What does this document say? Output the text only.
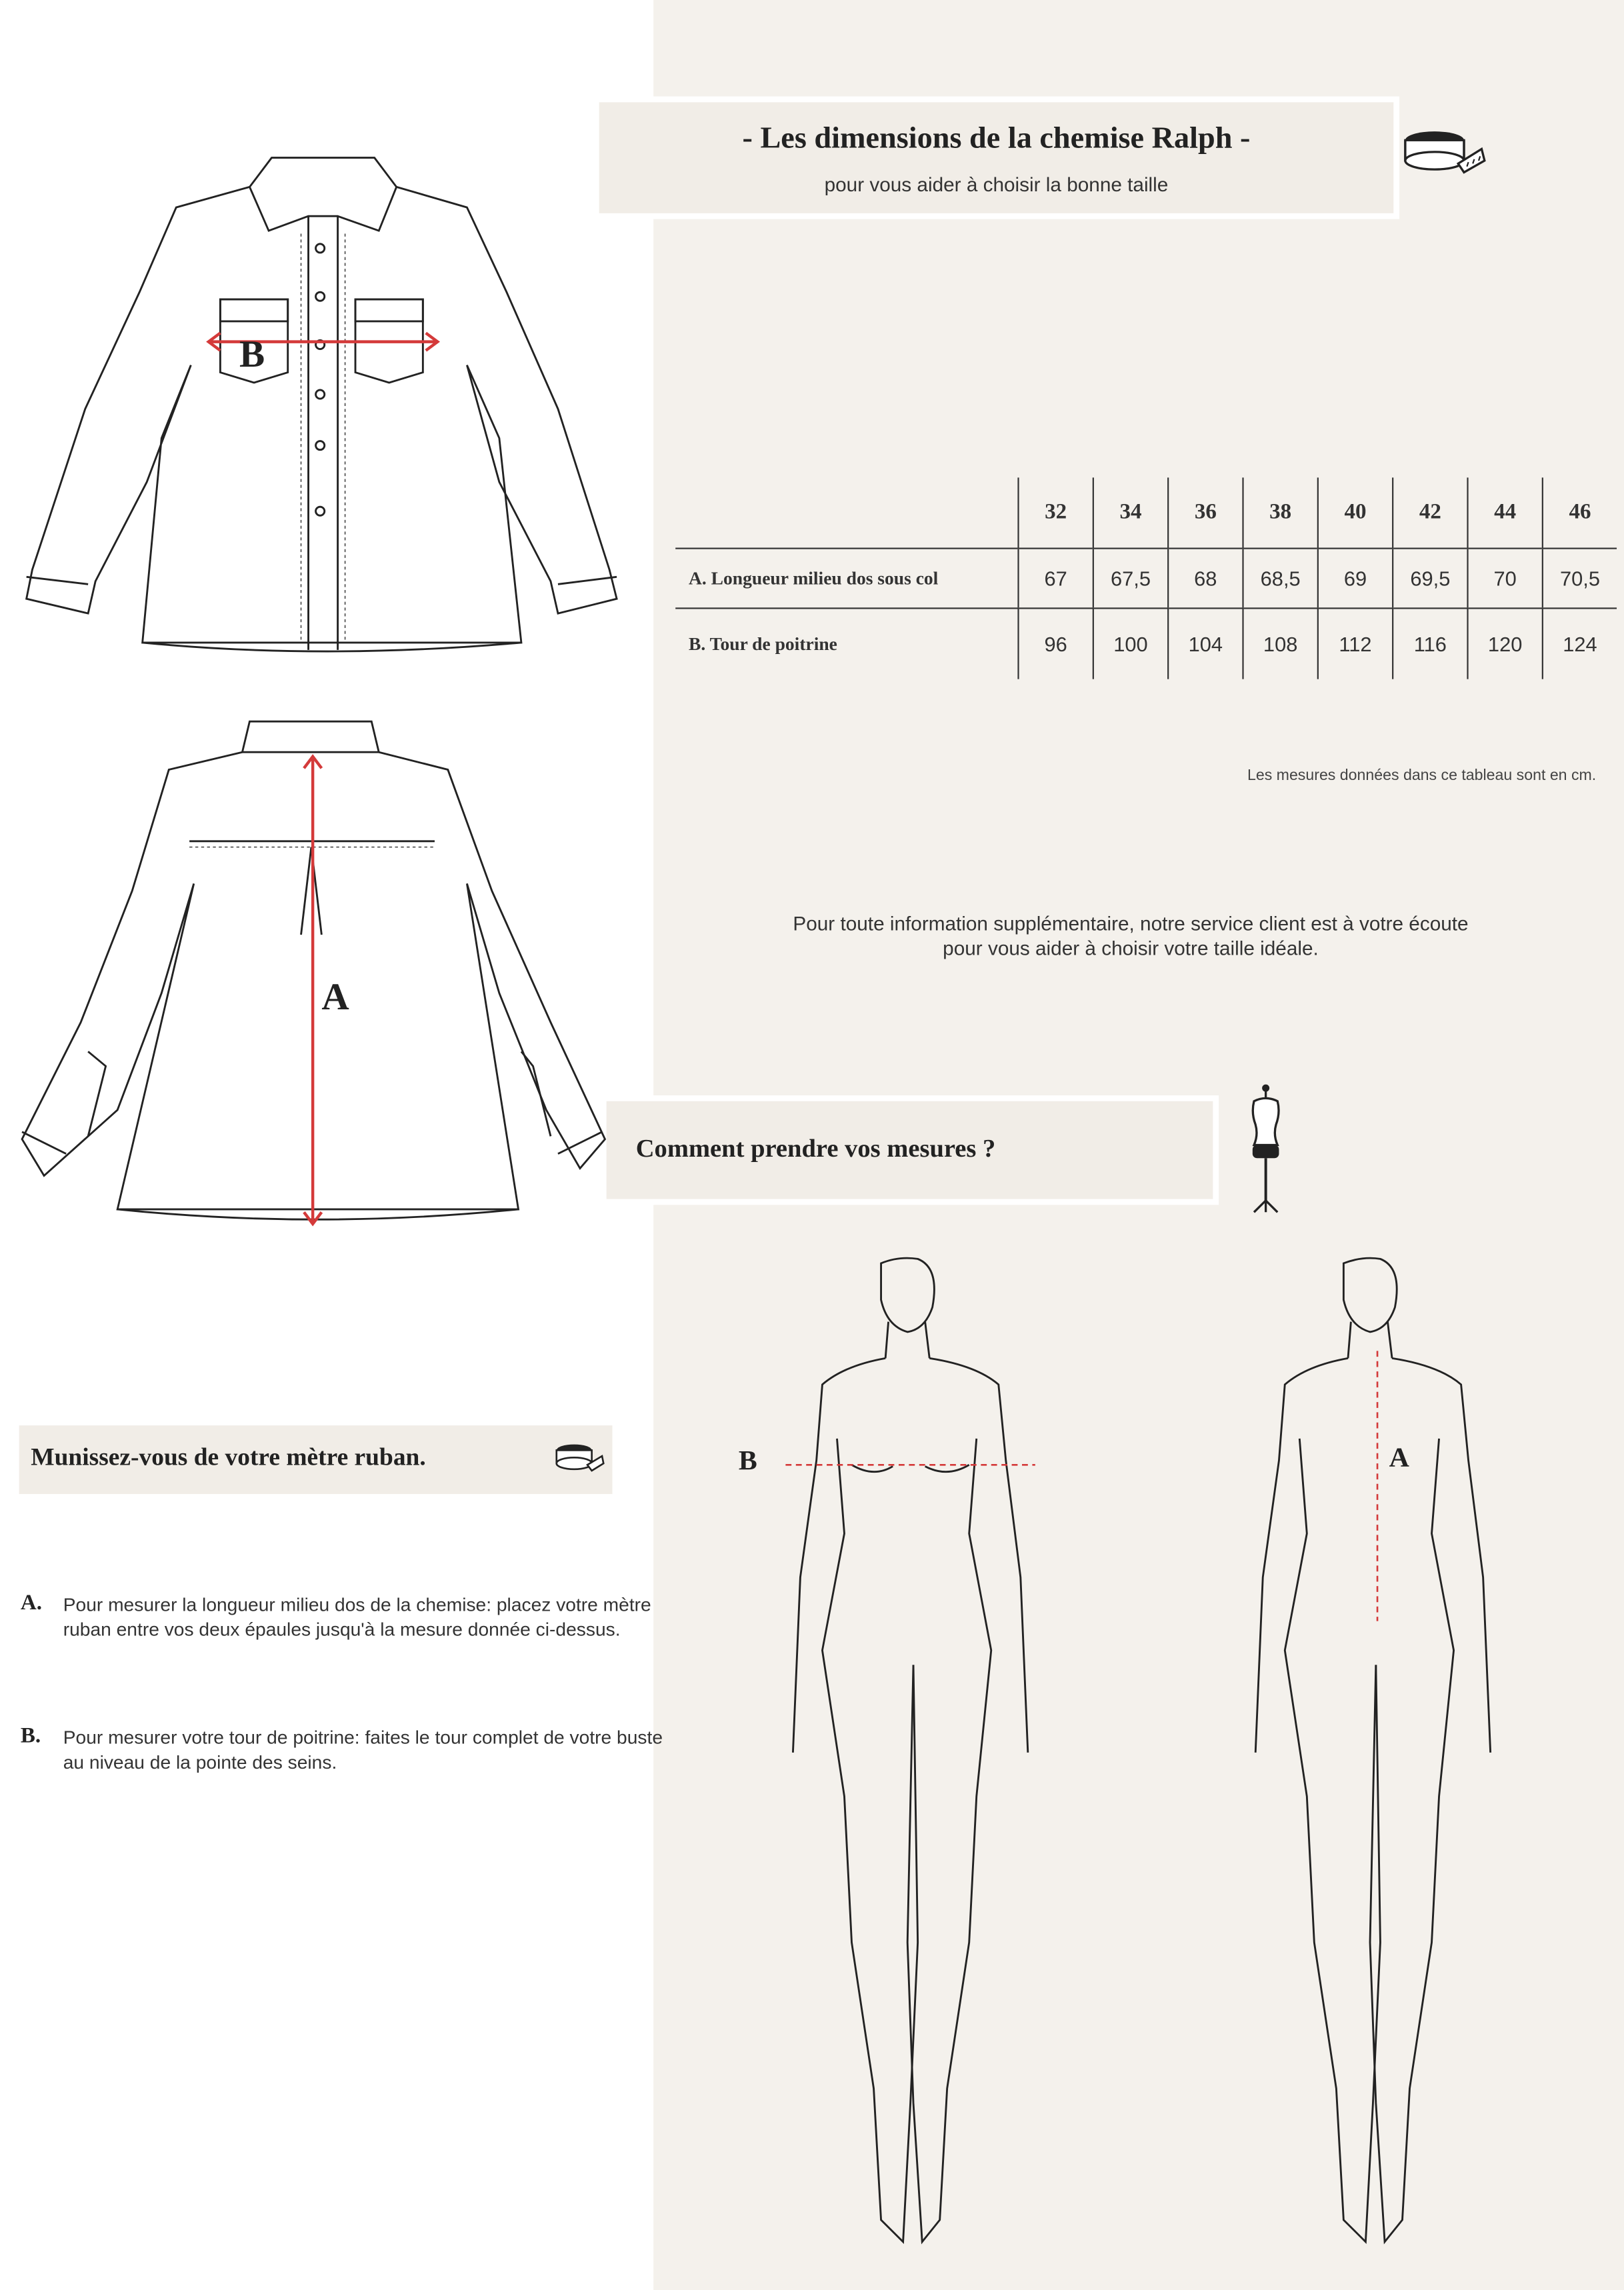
- Les dimensions de la chemise Ralph -
pour vous aider à choisir la bonne taille
	32	34	36	38	40	42	44	46
A. Longueur milieu dos sous col	67	67,5	68	68,5	69	69,5	70	70,5
B. Tour de poitrine	96	100	104	108	112	116	120	124
Les mesures données dans ce tableau sont en cm.
Pour toute information supplémentaire, notre service client est à votre écoute
pour vous aider à choisir votre taille idéale.
Comment prendre vos mesures ?
B
A
Munissez-vous de votre mètre ruban.
A. Pour mesurer la longueur milieu dos de la chemise: placez votre mètre ruban entre vos deux épaules jusqu'à la mesure donnée ci-dessus.
B.	Pour mesurer votre tour de poitrine: faites le tour complet de votre buste au niveau de la pointe des seins.
B	A
